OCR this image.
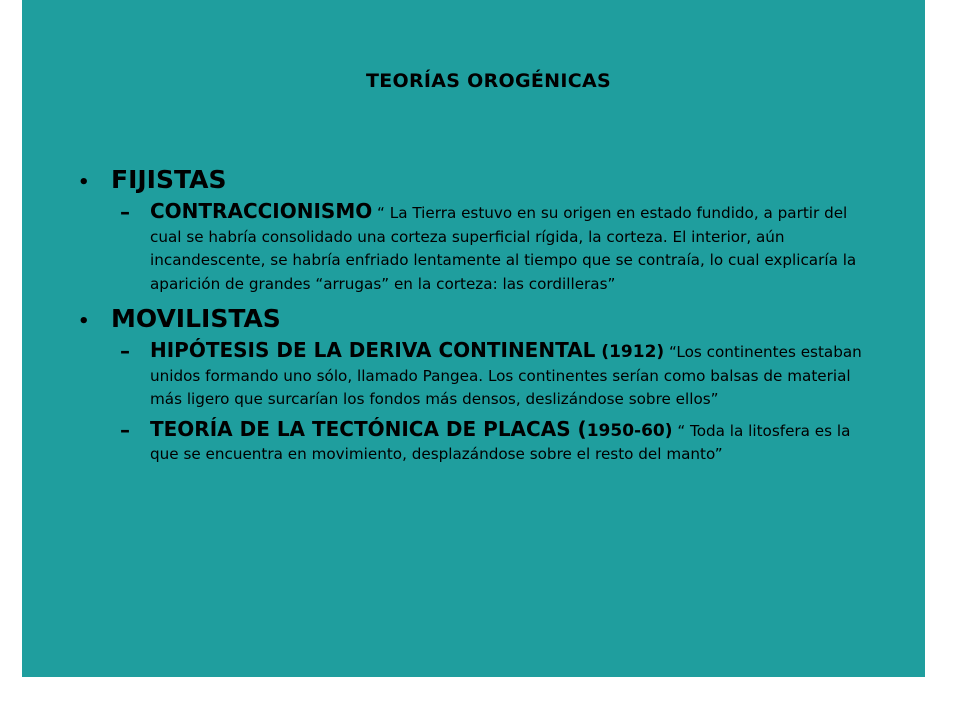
TEORÍAS OROGÉNICAS
• FIJISTAS
–	CONTRACCIONISMO “ La Tierra estuvo en su origen en estado fundido, a partir del cual se habría consolidado una corteza superficial rígida, la corteza. El interior, aún incandescente, se habría enfriado lentamente al tiempo que se contraía, lo cual explicaría la aparición de grandes “arrugas” en la corteza: las cordilleras”
• MOVILISTAS
–	HIPÓTESIS DE LA DERIVA CONTINENTAL (1912) “Los continentes estaban unidos formando uno sólo, llamado Pangea. Los continentes serían como balsas de material más ligero que surcarían los fondos más densos, deslizándose sobre ellos”
–	TEORÍA DE LA TECTÓNICA DE PLACAS (1950-60) “ Toda la litosfera es la que se encuentra en movimiento, desplazándose sobre el resto del manto”
